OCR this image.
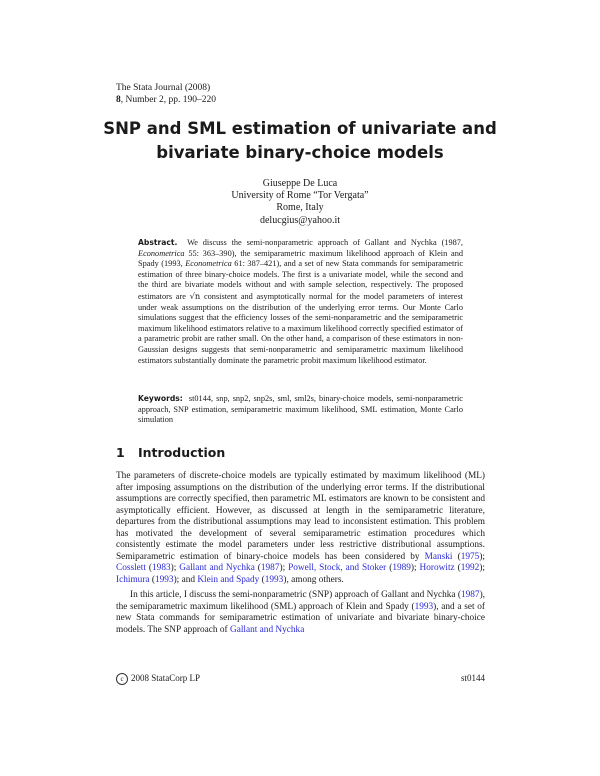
The Stata Journal (2008)
8, Number 2, pp. 190–220
SNP and SML estimation of univariate and
bivariate binary-choice models
Giuseppe De Luca
University of Rome “Tor Vergata”
Rome, Italy
delucgius@yahoo.it
Abstract. We discuss the semi-nonparametric approach of Gallant and Nychka (1987, Econometrica 55: 363–390), the semiparametric maximum likelihood approach of Klein and Spady (1993, Econometrica 61: 387–421), and a set of new Stata commands for semiparametric estimation of three binary-choice models. The first is a univariate model, while the second and the third are bivariate models without and with sample selection, respectively. The proposed estimators are √n consistent and asymptotically normal for the model parameters of interest under weak assumptions on the distribution of the underlying error terms. Our Monte Carlo simulations suggest that the efficiency losses of the semi-nonparametric and the semiparametric maximum likelihood estimators relative to a maximum likelihood correctly specified estimator of a parametric probit are rather small. On the other hand, a comparison of these estimators in non-Gaussian designs suggests that semi-nonparametric and semiparametric maximum likelihood estimators substantially dominate the parametric probit maximum likelihood estimator.
Keywords: st0144, snp, snp2, snp2s, sml, sml2s, binary-choice models, semi-nonparametric approach, SNP estimation, semiparametric maximum likelihood, SML estimation, Monte Carlo simulation
1 Introduction

The parameters of discrete-choice models are typically estimated by maximum likelihood (ML) after imposing assumptions on the distribution of the underlying error terms. If the distributional assumptions are correctly specified, then parametric ML estimators are known to be consistent and asymptotically efficient. However, as discussed at length in the semiparametric literature, departures from the distributional assumptions may lead to inconsistent estimation. This problem has motivated the development of several semiparametric estimation procedures which consistently estimate the model parameters under less restrictive distributional assumptions. Semiparametric estimation of binary-choice models has been considered by Manski (1975); Cosslett (1983); Gallant and Nychka (1987); Powell, Stock, and Stoker (1989); Horowitz (1992); Ichimura (1993); and Klein and Spady (1993), among others.

In this article, I discuss the semi-nonparametric (SNP) approach of Gallant and Nychka (1987), the semiparametric maximum likelihood (SML) approach of Klein and Spady (1993), and a set of new Stata commands for semiparametric estimation of univariate and bivariate binary-choice models. The SNP approach of Gallant and Nychka

c 2008 StataCorp LP	st0144
